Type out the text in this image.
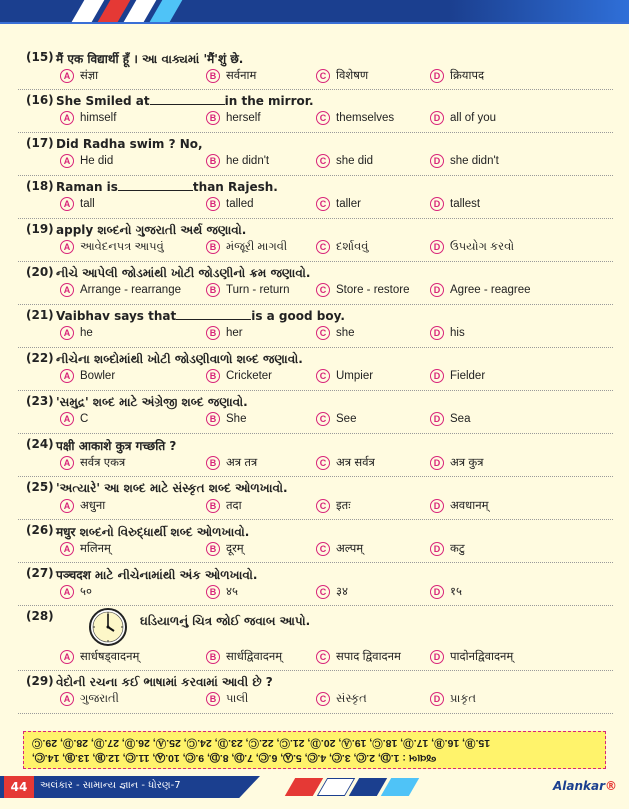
(15) मैं एक विद्यार्थी हूँ । આ વાક્યમાં 'मैं'शुं छे.
A संज्ञा	B सर्वनाम	C विशेषण	D क्रियापद
(16) She Smiled at	in the mirror.
A himself	B herself	C themselves	D all of you
(17) Did Radha swim ? No,
A He did	B he didn't	C she did	D she didn't
(18) Raman is	than Rajesh.
A tall	B talled	C taller	D tallest
(19) apply શબ્દનો ગુજરાતી અર્થ જણાવો.
A આવેદનપત્ર આપવું	B મંજૂરી માગવી	C દર્શાવવું	D ઉપયોગ કરવો
(20) નીચે આપેલી જોડમાંથી ખોટી જોડણીનો ક્રમ જણાવો.
A Arrange - rearrange	B Turn - return	C Store - restore	D Agree - reagree
(21) Vaibhav says that	is a good boy.
A he	B her	C she	D his
(22) નીચેના શબ્દોમાંથી ખોટી જોડણીવાળો શબ્દ જણાવો.
A Bowler	B Cricketer	C Umpier	D Fielder
(23) 'સમુદ્ર' શબ્દ માટે અંગ્રેજી શબ્દ જણાવો.
A C	B She	C See	D Sea
(24) पक्षी आकाशे कुत्र गच्छति ?
A सर्वत्र एकत्र	B अत्र तत्र	C अत्र सर्वत्र	D अत्र कुत्र
(25) 'અત્યારે' આ શબ્દ માટે સંસ્કૃત શબ્દ ઓળખાવો.
A अधुना	B तदा	C इतः	D अवधानम्
(26) मधुर શબ્દનો વિરુદ્ધાર્થી શબ્દ ઓળખાવો.
A मलिनम्	B दूरम्	C अल्पम्	D कटु
(27) पञ्चदश માટે નીચેનામાંથી અંક ઓળખાવો.
A ५०	B ४५	C ३४	D १५
(28)	ઘડિયાળનું ચિત્ર જોઈ જવાબ આપો.
A सार्धषड्वादनम्	B सार्धद्विवादनम्	C सपाद द्विवादनम	D पादोनद्विवादनम्
(29) વેદોની રચના કઈ ભાષામાં કરવામાં આવી છે ?
A ગુજરાતી	B પાલી	C સંસ્કૃત	D પ્રાકૃત
15.Ⓑ, 16.Ⓑ, 17.Ⓓ, 18.Ⓒ, 19.Ⓐ, 20.Ⓓ, 21.Ⓒ, 22.Ⓒ, 23.Ⓓ, 24.Ⓒ, 25.Ⓐ, 26.Ⓓ, 27.Ⓓ, 28.Ⓓ, 29.Ⓒ
જવાબ : 1.Ⓓ, 2.Ⓒ, 3.Ⓒ, 4.Ⓒ, 5.Ⓐ, 6.Ⓒ, 7.Ⓓ, 8.Ⓓ, 9.Ⓒ, 10.Ⓐ, 11.Ⓒ, 12.Ⓑ, 13.Ⓑ, 14.Ⓒ,
44	અલંકાર - સામાન્ય જ્ઞાન - ધોરણ-7	Alankar®
